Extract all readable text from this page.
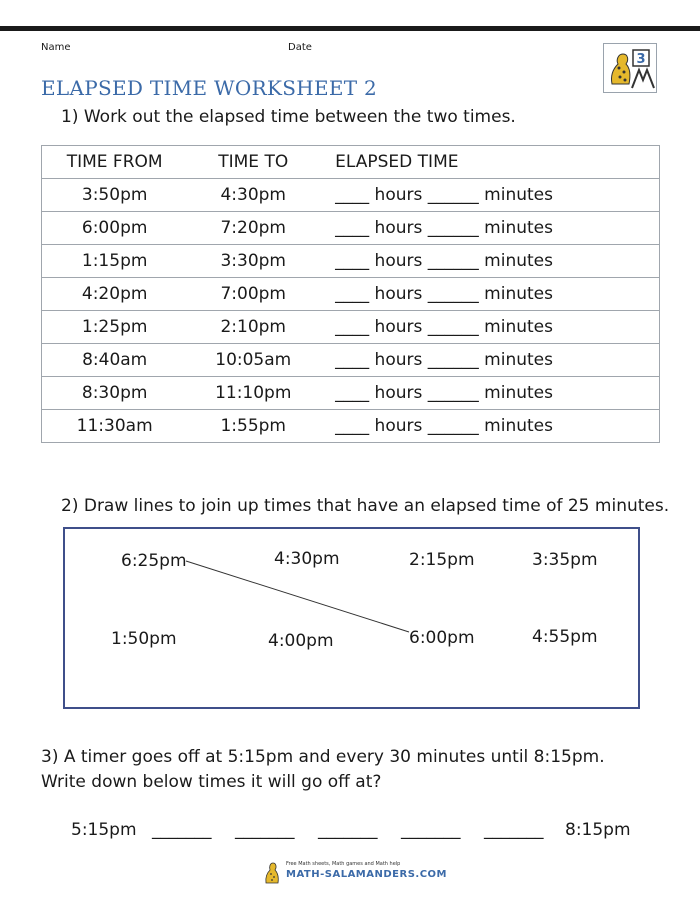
Name	Date
3
ELAPSED TIME WORKSHEET 2
1) Work out the elapsed time between the two times.
TIME FROM	TIME TO	ELAPSED TIME
3:50pm	4:30pm	____ hours ______ minutes
6:00pm	7:20pm	____ hours ______ minutes
1:15pm	3:30pm	____ hours ______ minutes
4:20pm	7:00pm	____ hours ______ minutes
1:25pm	2:10pm	____ hours ______ minutes
8:40am	10:05am	____ hours ______ minutes
8:30pm	11:10pm	____ hours ______ minutes
11:30am	1:55pm	____ hours ______ minutes
2) Draw lines to join up times that have an elapsed time of 25 minutes.
6:25pm	4:30pm	2:15pm	3:35pm
1:50pm	4:00pm	6:00pm	4:55pm
3) A timer goes off at 5:15pm and every 30 minutes until 8:15pm.
Write down below times it will go off at?
5:15pm _______ _______ _______ _______ _______ 8:15pm
Free Math sheets, Math games and Math help
MATH-SALAMANDERS.COM
